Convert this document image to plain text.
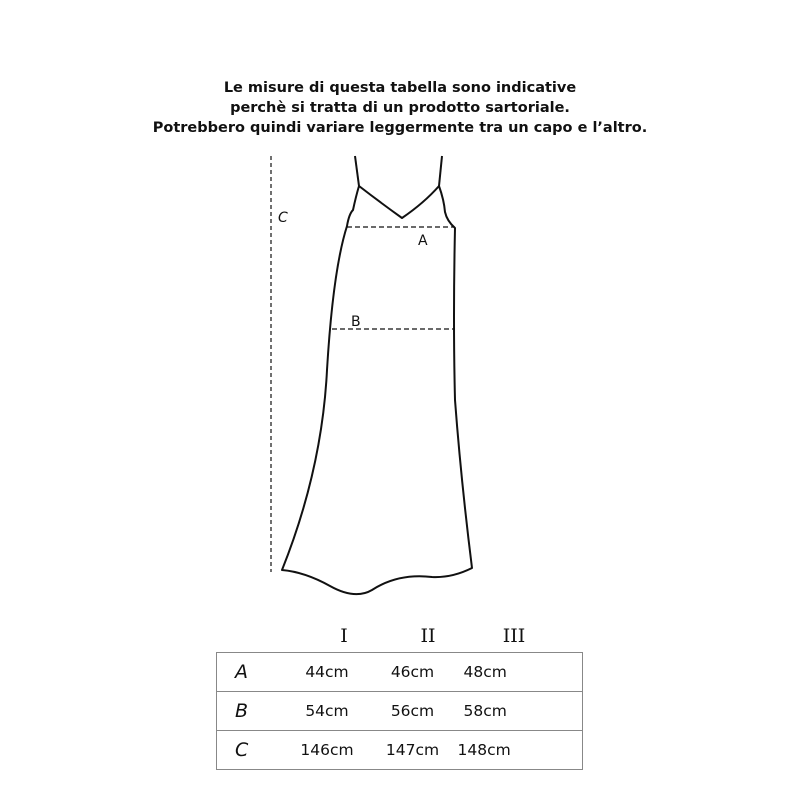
Le misure di questa tabella sono indicative
perchè si tratta di un prodotto sartoriale.
Potrebbero quindi variare leggermente tra un capo e l’altro.
C
A
B
I	II	III
A	44cm	46cm	48cm
B	54cm	56cm	58cm
C	146cm	147cm	148cm
